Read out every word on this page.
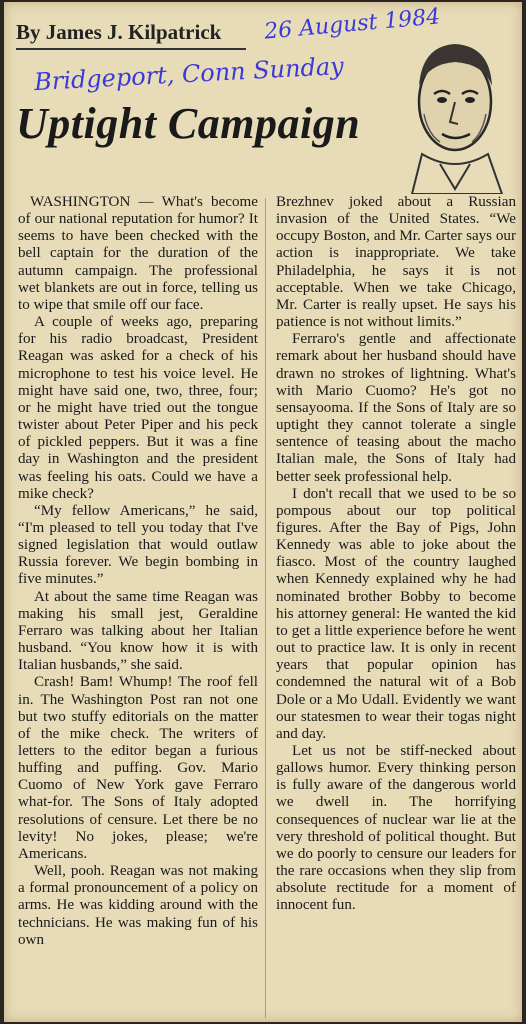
By James J. Kilpatrick 26 August 1984
Bridgeport, Conn Sunday
Uptight Campaign

WASHINGTON — What's become of our national reputation for humor? It seems to have been checked with the bell captain for the duration of the autumn campaign. The professional wet blankets are out in force, telling us to wipe that smile off our face.

A couple of weeks ago, preparing for his radio broadcast, President Reagan was asked for a check of his microphone to test his voice level. He might have said one, two, three, four; or he might have tried out the tongue twister about Peter Piper and his peck of pickled peppers. But it was a fine day in Washington and the president was feeling his oats. Could we have a mike check?

“My fellow Americans,” he said, “I'm pleased to tell you today that I've signed legislation that would outlaw Russia forever. We begin bombing in five minutes.”

At about the same time Reagan was making his small jest, Geraldine Ferraro was talking about her Italian husband. “You know how it is with Italian husbands,” she said.

Crash! Bam! Whump! The roof fell in. The Washington Post ran not one but two stuffy editorials on the matter of the mike check. The writers of letters to the editor began a furious huffing and puffing. Gov. Mario Cuomo of New York gave Ferraro what-for. The Sons of Italy adopted resolutions of censure. Let there be no levity! No jokes, please; we're Americans.

Well, pooh. Reagan was not making a formal pronouncement of a policy on arms. He was kidding around with the technicians. He was making fun of his own

Brezhnev joked about a Russian invasion of the United States. “We occupy Boston, and Mr. Carter says our action is inappropriate. We take Philadelphia, he says it is not acceptable. When we take Chicago, Mr. Carter is really upset. He says his patience is not without limits.”

Ferraro's gentle and affectionate remark about her husband should have drawn no strokes of lightning. What's with Mario Cuomo? He's got no sensayooma. If the Sons of Italy are so uptight they cannot tolerate a single sentence of teasing about the macho Italian male, the Sons of Italy had better seek professional help.

I don't recall that we used to be so pompous about our top political figures. After the Bay of Pigs, John Kennedy was able to joke about the fiasco. Most of the country laughed when Kennedy explained why he had nominated brother Bobby to become his attorney general: He wanted the kid to get a little experience before he went out to practice law. It is only in recent years that popular opinion has condemned the natural wit of a Bob Dole or a Mo Udall. Evidently we want our statesmen to wear their togas night and day.

Let us not be stiff-necked about gallows humor. Every thinking person is fully aware of the dangerous world we dwell in. The horrifying consequences of nuclear war lie at the very threshold of political thought. But we do poorly to censure our leaders for the rare occasions when they slip from absolute rectitude for a moment of innocent fun.
